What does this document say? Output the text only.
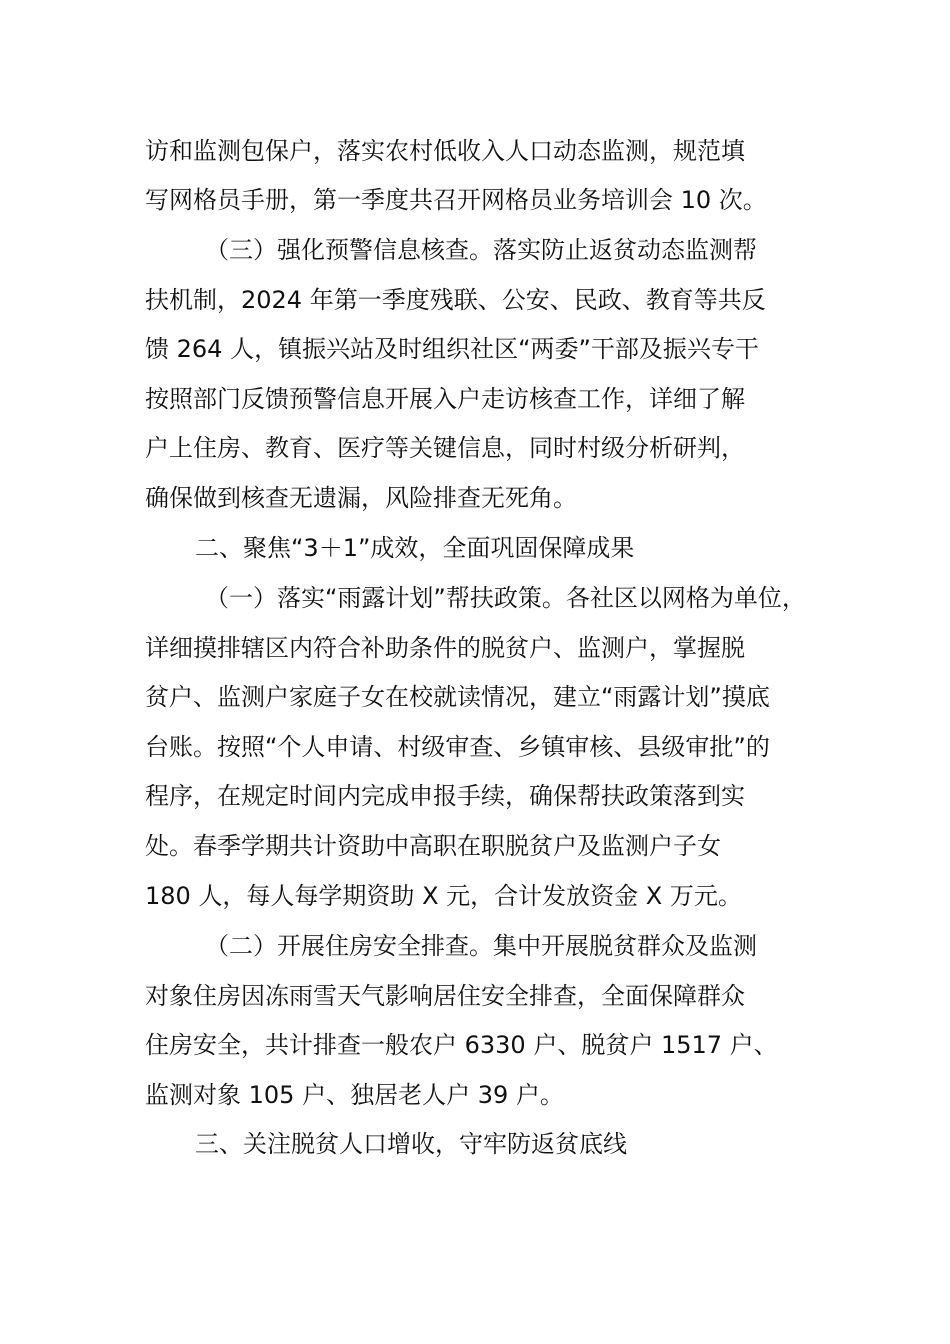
访和监测包保户，落实农村低收入人口动态监测，规范填
写网格员手册，第一季度共召开网格员业务培训会 10 次。
（三）强化预警信息核查。落实防止返贫动态监测帮
扶机制，2024 年第一季度残联、公安、民政、教育等共反
馈 264 人，镇振兴站及时组织社区“两委”干部及振兴专干
按照部门反馈预警信息开展入户走访核查工作，详细了解
户上住房、教育、医疗等关键信息，同时村级分析研判，
确保做到核查无遗漏，风险排查无死角。
二、聚焦“3＋1”成效，全面巩固保障成果
（一）落实“雨露计划”帮扶政策。各社区以网格为单位，
详细摸排辖区内符合补助条件的脱贫户、监测户，掌握脱
贫户、监测户家庭子女在校就读情况，建立“雨露计划”摸底
台账。按照“个人申请、村级审查、乡镇审核、县级审批”的
程序，在规定时间内完成申报手续，确保帮扶政策落到实
处。春季学期共计资助中高职在职脱贫户及监测户子女
180 人，每人每学期资助 X 元，合计发放资金 X 万元。
（二）开展住房安全排查。集中开展脱贫群众及监测
对象住房因冻雨雪天气影响居住安全排查，全面保障群众
住房安全，共计排查一般农户 6330 户、脱贫户 1517 户、
监测对象 105 户、独居老人户 39 户。
三、关注脱贫人口增收，守牢防返贫底线
